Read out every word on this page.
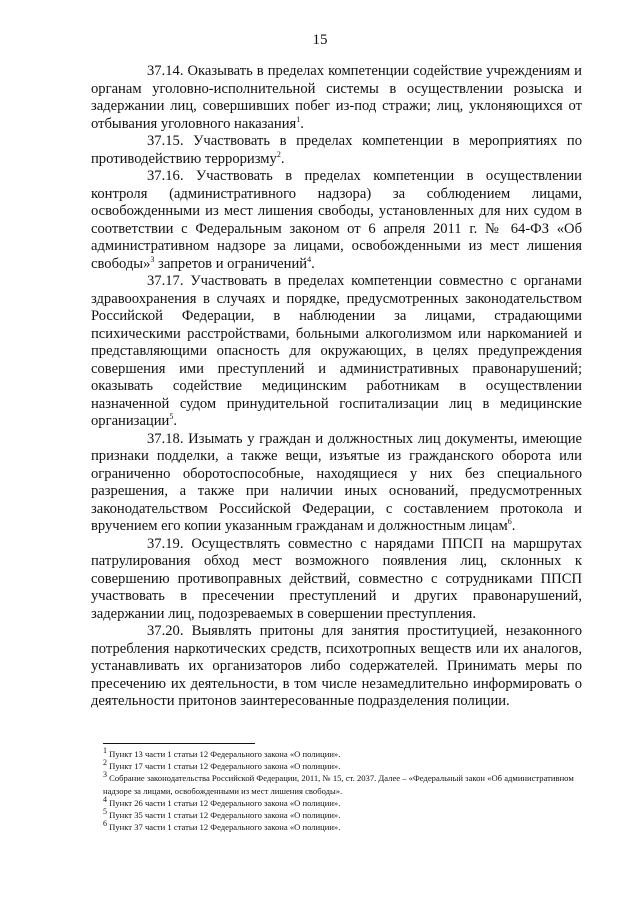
15

37.14. Оказывать в пределах компетенции содействие учреждениям и органам уголовно-исполнительной системы в осуществлении розыска и задержании лиц, совершивших побег из-под стражи; лиц, уклоняющихся от отбывания уголовного наказания$^1$.

37.15. Участвовать в пределах компетенции в мероприятиях по противодействию терроризму$^2$.

37.16. Участвовать в пределах компетенции в осуществлении контроля (административного надзора) за соблюдением лицами, освобожденными из мест лишения свободы, установленных для них судом в соответствии с Федеральным законом от 6 апреля 2011 г. № 64-ФЗ «Об административном надзоре за лицами, освобожденными из мест лишения свободы»$^3$ запретов и ограничений$^4$.

37.17. Участвовать в пределах компетенции совместно с органами здравоохранения в случаях и порядке, предусмотренных законодательством Российской Федерации, в наблюдении за лицами, страдающими психическими расстройствами, больными алкоголизмом или наркоманией и представляющими опасность для окружающих, в целях предупреждения совершения ими преступлений и административных правонарушений; оказывать содействие медицинским работникам в осуществлении назначенной судом принудительной госпитализации лиц в медицинские организации$^5$.

37.18. Изымать у граждан и должностных лиц документы, имеющие признаки подделки, а также вещи, изъятые из гражданского оборота или ограниченно оборотоспособные, находящиеся у них без специального разрешения, а также при наличии иных оснований, предусмотренных законодательством Российской Федерации, с составлением протокола и вручением его копии указанным гражданам и должностным лицам$^6$.

37.19. Осуществлять совместно с нарядами ППСП на маршрутах патрулирования обход мест возможного появления лиц, склонных к совершению противоправных действий, совместно с сотрудниками ППСП участвовать в пресечении преступлений и других правонарушений, задержании лиц, подозреваемых в совершении преступления.

37.20. Выявлять притоны для занятия проституцией, незаконного потребления наркотических средств, психотропных веществ или их аналогов, устанавливать их организаторов либо содержателей. Принимать меры по пресечению их деятельности, в том числе незамедлительно информировать о деятельности притонов заинтересованные подразделения полиции.

$^1$ Пункт 13 части 1 статьи 12 Федерального закона «О полиции».

$^2$ Пункт 17 части 1 статьи 12 Федерального закона «О полиции».

$^3$ Собрание законодательства Российской Федерации, 2011, № 15, ст. 2037. Далее – «Федеральный закон «Об административном надзоре за лицами, освобожденными из мест лишения свободы».

$^4$ Пункт 26 части 1 статьи 12 Федерального закона «О полиции».

$^5$ Пункт 35 части 1 статьи 12 Федерального закона «О полиции».

$^6$ Пункт 37 части 1 статьи 12 Федерального закона «О полиции».
